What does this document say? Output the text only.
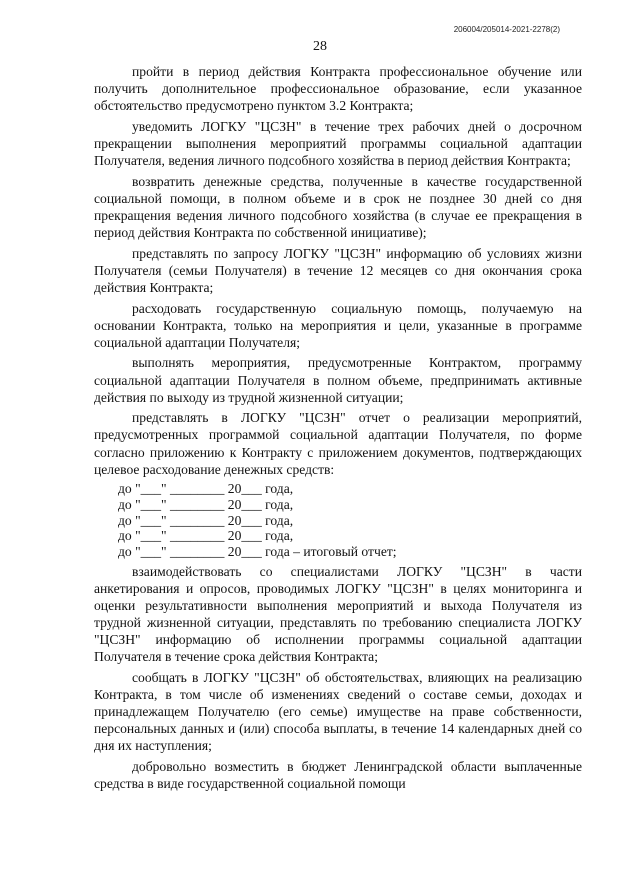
206004/205014-2021-2278(2)
28

пройти в период действия Контракта профессиональное обучение или получить дополнительное профессиональное образование, если указанное обстоятельство предусмотрено пунктом 3.2 Контракта;

уведомить ЛОГКУ "ЦСЗН" в течение трех рабочих дней о досрочном прекращении выполнения мероприятий программы социальной адаптации Получателя, ведения личного подсобного хозяйства в период действия Контракта;

возвратить денежные средства, полученные в качестве государственной социальной помощи, в полном объеме и в срок не позднее 30 дней со дня прекращения ведения личного подсобного хозяйства (в случае ее прекращения в период действия Контракта по собственной инициативе);

представлять по запросу ЛОГКУ "ЦСЗН" информацию об условиях жизни Получателя (семьи Получателя) в течение 12 месяцев со дня окончания срока действия Контракта;

расходовать государственную социальную помощь, получаемую на основании Контракта, только на мероприятия и цели, указанные в программе социальной адаптации Получателя;

выполнять мероприятия, предусмотренные Контрактом, программу социальной адаптации Получателя в полном объеме, предпринимать активные действия по выходу из трудной жизненной ситуации;

представлять в ЛОГКУ "ЦСЗН" отчет о реализации мероприятий, предусмотренных программой социальной адаптации Получателя, по форме согласно приложению к Контракту с приложением документов, подтверждающих целевое расходование денежных средств:

до "___" ________ 20___ года,
до "___" ________ 20___ года,
до "___" ________ 20___ года,
до "___" ________ 20___ года,
до "___" ________ 20___ года – итоговый отчет;

взаимодействовать со специалистами ЛОГКУ "ЦСЗН" в части анкетирования и опросов, проводимых ЛОГКУ "ЦСЗН" в целях мониторинга и оценки результативности выполнения мероприятий и выхода Получателя из трудной жизненной ситуации, представлять по требованию специалиста ЛОГКУ "ЦСЗН" информацию об исполнении программы социальной адаптации Получателя в течение срока действия Контракта;

сообщать в ЛОГКУ "ЦСЗН" об обстоятельствах, влияющих на реализацию Контракта, в том числе об изменениях сведений о составе семьи, доходах и принадлежащем Получателю (его семье) имуществе на праве собственности, персональных данных и (или) способа выплаты, в течение 14 календарных дней со дня их наступления;

добровольно возместить в бюджет Ленинградской области выплаченные средства в виде государственной социальной помощи
